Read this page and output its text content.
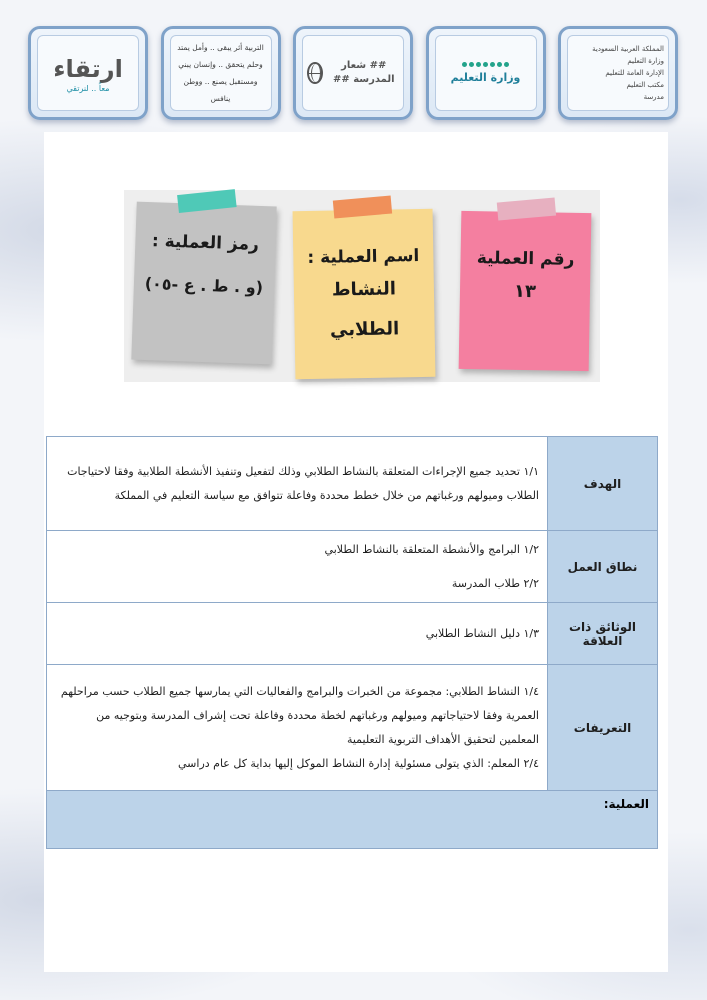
ارتقاء
معاً .. لنرتقي
التربية أثر يبقى .. وأمل يمتد
وحلم يتحقق .. وإنسان يبني
ومستقبل يصنع .. ووطن ينافس
## شعار المدرسة ##	وزارة التعليم
المملكة العربية السعودية
وزارة التعليم
الإدارة العامة للتعليم
مكتب التعليم
مدرسة
رمز العملية :
(و . ط . ع -٠٥)
اسم العملية :
النشاط
الطلابي
رقم العملية
١٣
الهدف	١/١ تحديد جميع الإجراءات المتعلقة بالنشاط الطلابي وذلك لتفعيل وتنفيذ الأنشطة الطلابية وفقا لاحتياجات الطلاب وميولهم ورغباتهم من خلال خطط محددة وفاعلة تتوافق مع سياسة التعليم في المملكة
نطاق العمل	١/٢ البرامج والأنشطة المتعلقة بالنشاط الطلابي

٢/٢ طلاب المدرسة

الوثائق ذات العلاقة	١/٣ دليل النشاط الطلابي
التعريفات	١/٤ النشاط الطلابي: مجموعة من الخبرات والبرامج والفعاليات التي يمارسها جميع الطلاب حسب مراحلهم العمرية وفقا لاحتياجاتهم وميولهم ورغباتهم لخطة محددة وفاعلة تحت إشراف المدرسة وبتوجيه من المعلمين لتحقيق الأهداف التربوية التعليمية

٢/٤ المعلم: الذي يتولى مسئولية إدارة النشاط الموكل إليها بداية كل عام دراسي

العملية:	
